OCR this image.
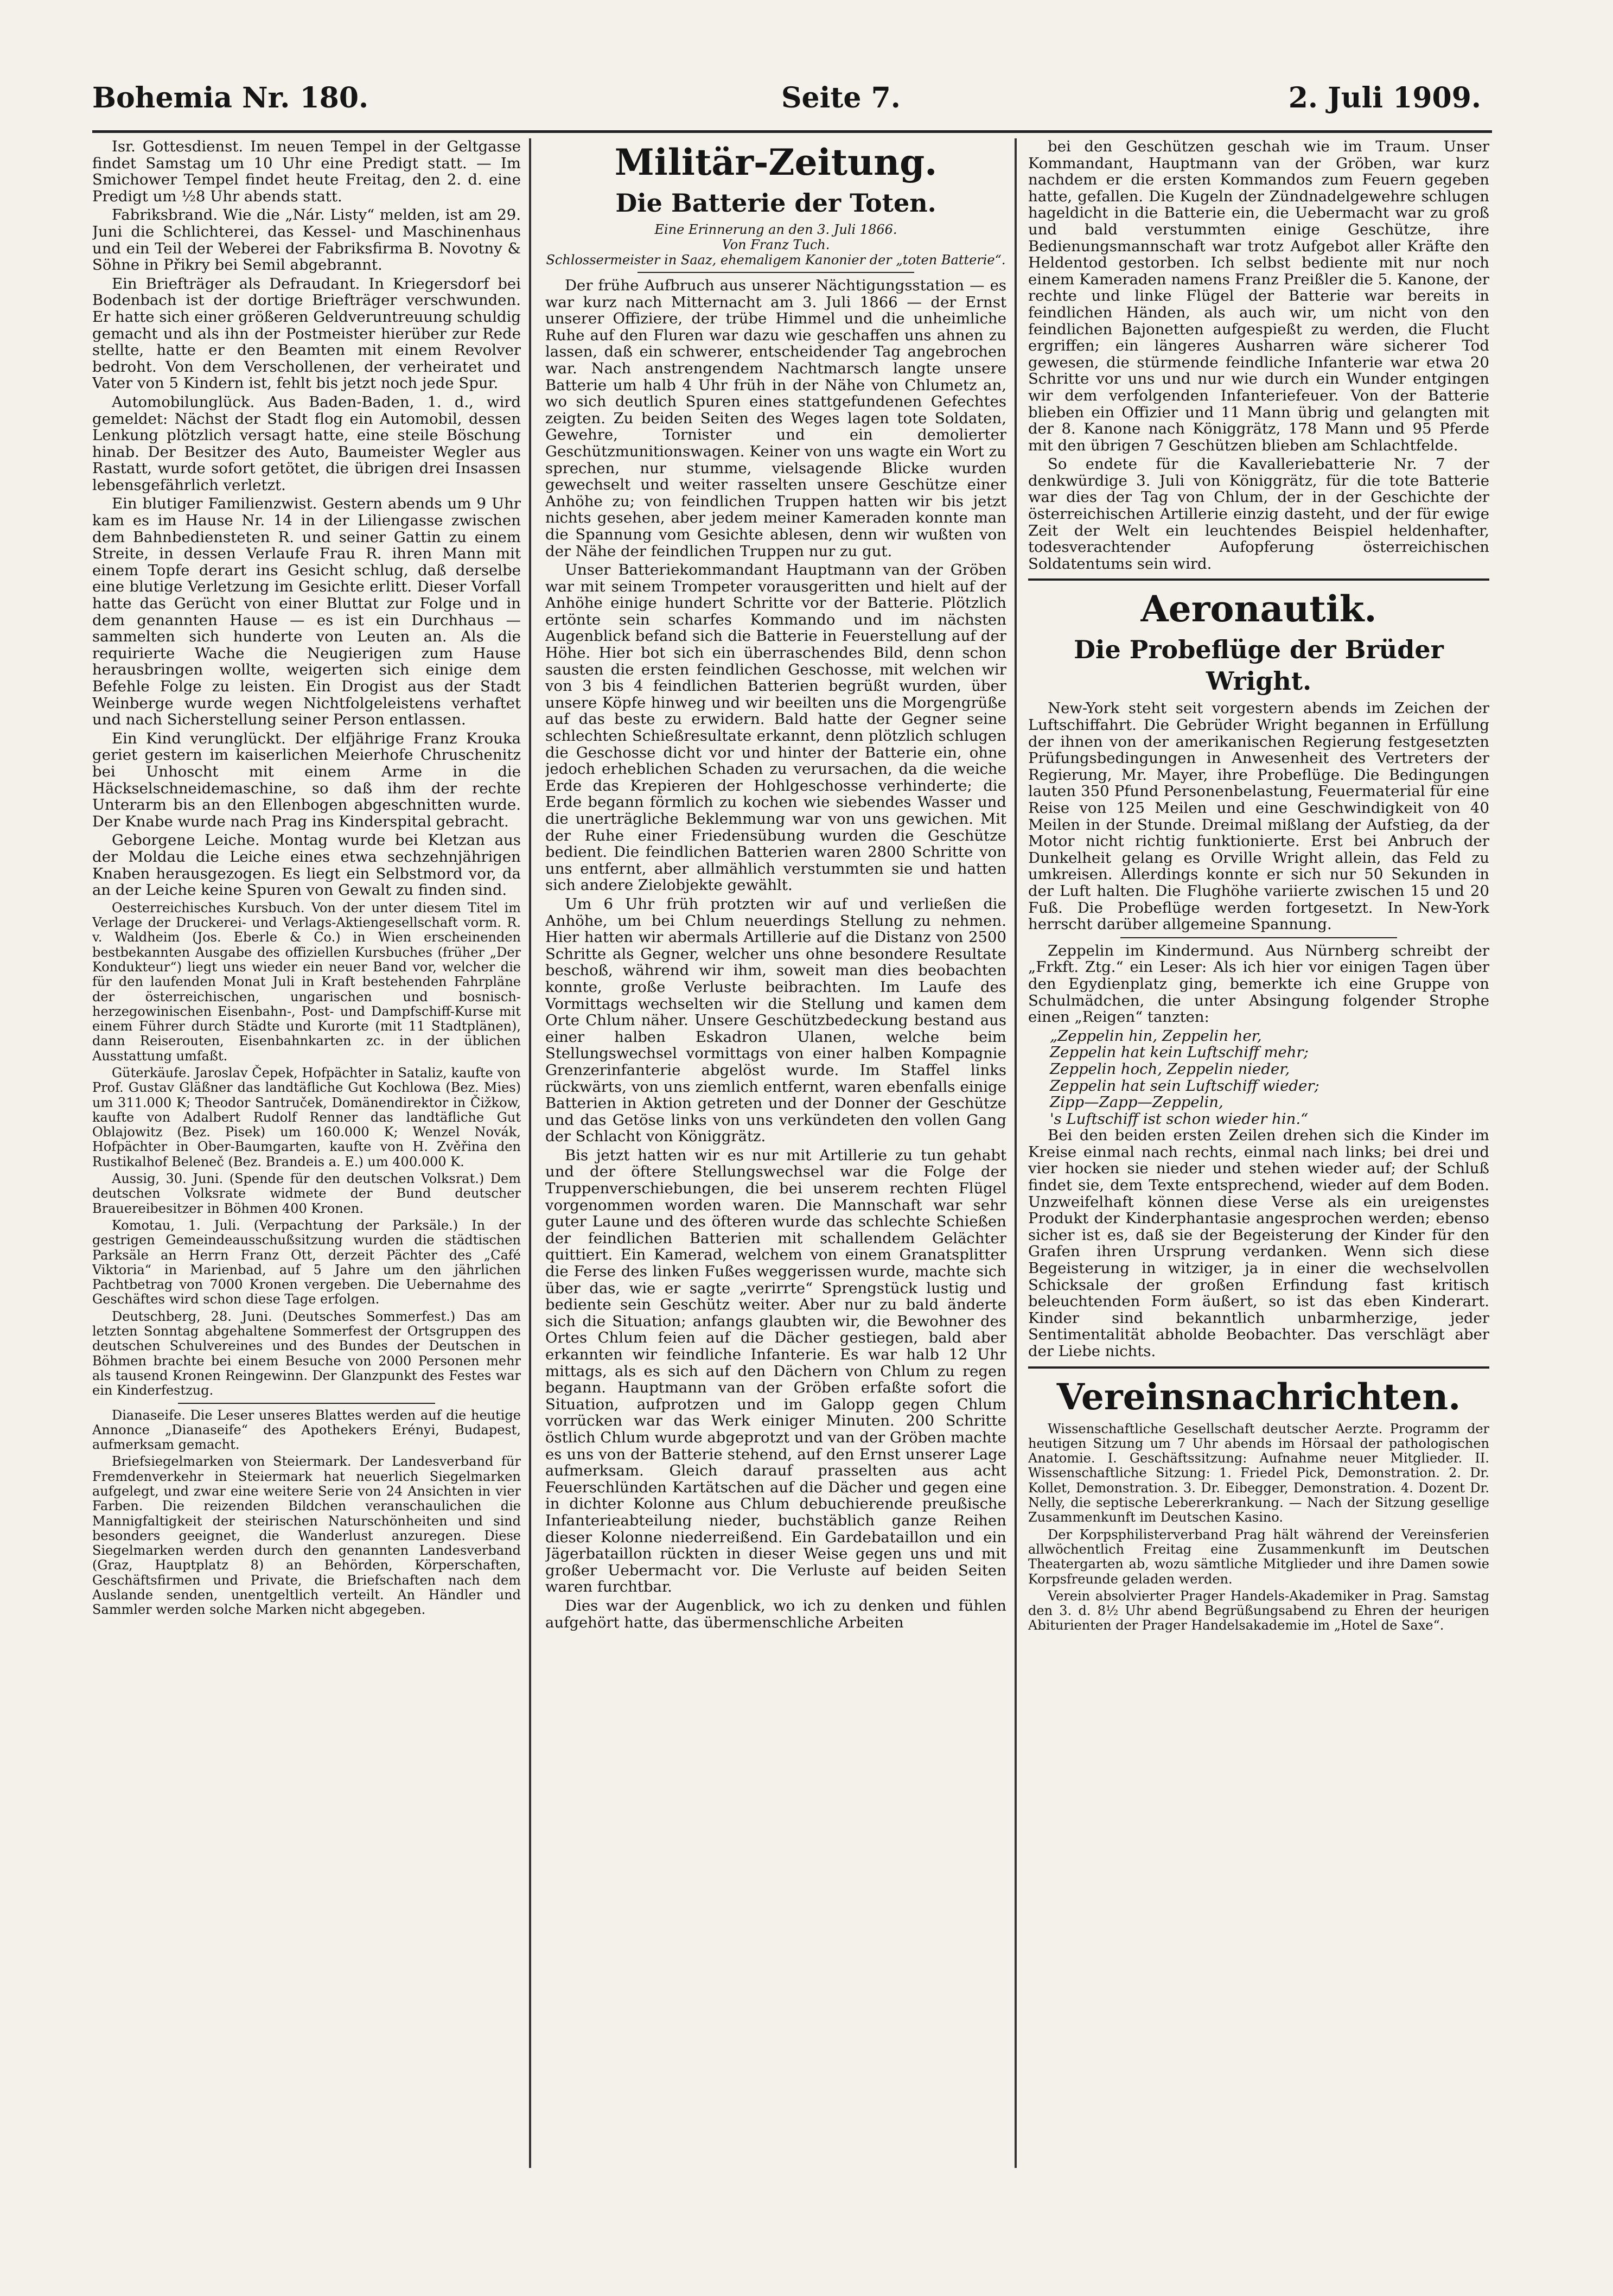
Bohemia Nr. 180.	Seite 7.	2. Juli 1909.

Isr. Gottesdienst. Im neuen Tempel in der Geltgasse findet Samstag um 10 Uhr eine Predigt statt. — Im Smichower Tempel findet heute Freitag, den 2. d. eine Predigt um ½8 Uhr abends statt.

Fabriksbrand. Wie die „Nár. Listy“ melden, ist am 29. Juni die Schlichterei, das Kessel- und Maschinenhaus und ein Teil der Weberei der Fabriksfirma B. Novotny & Söhne in Přikry bei Semil abgebrannt.

Ein Briefträger als Defraudant. In Kriegersdorf bei Bodenbach ist der dortige Briefträger verschwunden. Er hatte sich einer größeren Geldveruntreuung schuldig gemacht und als ihn der Postmeister hierüber zur Rede stellte, hatte er den Beamten mit einem Revolver bedroht. Von dem Verschollenen, der verheiratet und Vater von 5 Kindern ist, fehlt bis jetzt noch jede Spur.

Automobilunglück. Aus Baden-Baden, 1. d., wird gemeldet: Nächst der Stadt flog ein Automobil, dessen Lenkung plötzlich versagt hatte, eine steile Böschung hinab. Der Besitzer des Auto, Baumeister Wegler aus Rastatt, wurde sofort getötet, die übrigen drei Insassen lebensgefährlich verletzt.

Ein blutiger Familienzwist. Gestern abends um 9 Uhr kam es im Hause Nr. 14 in der Liliengasse zwischen dem Bahnbediensteten R. und seiner Gattin zu einem Streite, in dessen Verlaufe Frau R. ihren Mann mit einem Topfe derart ins Gesicht schlug, daß derselbe eine blutige Verletzung im Gesichte erlitt. Dieser Vorfall hatte das Gerücht von einer Bluttat zur Folge und in dem genannten Hause — es ist ein Durchhaus — sammelten sich hunderte von Leuten an. Als die requirierte Wache die Neugierigen zum Hause herausbringen wollte, weigerten sich einige dem Befehle Folge zu leisten. Ein Drogist aus der Stadt Weinberge wurde wegen Nichtfolgeleistens verhaftet und nach Sicherstellung seiner Person entlassen.

Ein Kind verunglückt. Der elfjährige Franz Krouka geriet gestern im kaiserlichen Meierhofe Chruschenitz bei Unhoscht mit einem Arme in die Häckselschneidemaschine, so daß ihm der rechte Unterarm bis an den Ellenbogen abgeschnitten wurde. Der Knabe wurde nach Prag ins Kinderspital gebracht.

Geborgene Leiche. Montag wurde bei Kletzan aus der Moldau die Leiche eines etwa sechzehnjährigen Knaben herausgezogen. Es liegt ein Selbstmord vor, da an der Leiche keine Spuren von Gewalt zu finden sind.

Oesterreichisches Kursbuch. Von der unter diesem Titel im Verlage der Druckerei- und Verlags-Aktiengesellschaft vorm. R. v. Waldheim (Jos. Eberle & Co.) in Wien erscheinenden bestbekannten Ausgabe des offiziellen Kursbuches (früher „Der Kondukteur“) liegt uns wieder ein neuer Band vor, welcher die für den laufenden Monat Juli in Kraft bestehenden Fahrpläne der österreichischen, ungarischen und bosnisch-herzegowinischen Eisenbahn-, Post- und Dampfschiff-Kurse mit einem Führer durch Städte und Kurorte (mit 11 Stadtplänen), dann Reiserouten, Eisenbahnkarten zc. in der üblichen Ausstattung umfaßt.

Güterkäufe. Jaroslav Čepek, Hofpächter in Sataliz, kaufte von Prof. Gustav Gläßner das landtäfliche Gut Kochlowa (Bez. Mies) um 311.000 K; Theodor Santruček, Domänendirektor in Čižkow, kaufte von Adalbert Rudolf Renner das landtäfliche Gut Oblajowitz (Bez. Pisek) um 160.000 K; Wenzel Novák, Hofpächter in Ober-Baumgarten, kaufte von H. Zvěřina den Rustikalhof Beleneč (Bez. Brandeis a. E.) um 400.000 K.

Aussig, 30. Juni. (Spende für den deutschen Volksrat.) Dem deutschen Volksrate widmete der Bund deutscher Brauereibesitzer in Böhmen 400 Kronen.

Komotau, 1. Juli. (Verpachtung der Parksäle.) In der gestrigen Gemeindeausschußsitzung wurden die städtischen Parksäle an Herrn Franz Ott, derzeit Pächter des „Café Viktoria“ in Marienbad, auf 5 Jahre um den jährlichen Pachtbetrag von 7000 Kronen vergeben. Die Uebernahme des Geschäftes wird schon diese Tage erfolgen.

Deutschberg, 28. Juni. (Deutsches Sommerfest.) Das am letzten Sonntag abgehaltene Sommerfest der Ortsgruppen des deutschen Schulvereines und des Bundes der Deutschen in Böhmen brachte bei einem Besuche von 2000 Personen mehr als tausend Kronen Reingewinn. Der Glanzpunkt des Festes war ein Kinderfestzug.

Dianaseife. Die Leser unseres Blattes werden auf die heutige Annonce „Dianaseife“ des Apothekers Erényi, Budapest, aufmerksam gemacht.

Briefsiegelmarken von Steiermark. Der Landesverband für Fremdenverkehr in Steiermark hat neuerlich Siegelmarken aufgelegt, und zwar eine weitere Serie von 24 Ansichten in vier Farben. Die reizenden Bildchen veranschaulichen die Mannigfaltigkeit der steirischen Naturschönheiten und sind besonders geeignet, die Wanderlust anzuregen. Diese Siegelmarken werden durch den genannten Landesverband (Graz, Hauptplatz 8) an Behörden, Körperschaften, Geschäftsfirmen und Private, die Briefschaften nach dem Auslande senden, unentgeltlich verteilt. An Händler und Sammler werden solche Marken nicht abgegeben.

Militär-Zeitung.
Die Batterie der Toten.

Eine Erinnerung an den 3. Juli 1866.

Von Franz Tuch.

Schlossermeister in Saaz, ehemaligem Kanonier der „toten Batterie“.

Der frühe Aufbruch aus unserer Nächtigungsstation — es war kurz nach Mitternacht am 3. Juli 1866 — der Ernst unserer Offiziere, der trübe Himmel und die unheimliche Ruhe auf den Fluren war dazu wie geschaffen uns ahnen zu lassen, daß ein schwerer, entscheidender Tag angebrochen war. Nach anstrengendem Nachtmarsch langte unsere Batterie um halb 4 Uhr früh in der Nähe von Chlumetz an, wo sich deutlich Spuren eines stattgefundenen Gefechtes zeigten. Zu beiden Seiten des Weges lagen tote Soldaten, Gewehre, Tornister und ein demolierter Geschützmunitionswagen. Keiner von uns wagte ein Wort zu sprechen, nur stumme, vielsagende Blicke wurden gewechselt und weiter rasselten unsere Geschütze einer Anhöhe zu; von feindlichen Truppen hatten wir bis jetzt nichts gesehen, aber jedem meiner Kameraden konnte man die Spannung vom Gesichte ablesen, denn wir wußten von der Nähe der feindlichen Truppen nur zu gut.

Unser Batteriekommandant Hauptmann van der Gröben war mit seinem Trompeter vorausgeritten und hielt auf der Anhöhe einige hundert Schritte vor der Batterie. Plötzlich ertönte sein scharfes Kommando und im nächsten Augenblick befand sich die Batterie in Feuerstellung auf der Höhe. Hier bot sich ein überraschendes Bild, denn schon sausten die ersten feindlichen Geschosse, mit welchen wir von 3 bis 4 feindlichen Batterien begrüßt wurden, über unsere Köpfe hinweg und wir beeilten uns die Morgengrüße auf das beste zu erwidern. Bald hatte der Gegner seine schlechten Schießresultate erkannt, denn plötzlich schlugen die Geschosse dicht vor und hinter der Batterie ein, ohne jedoch erheblichen Schaden zu verursachen, da die weiche Erde das Krepieren der Hohlgeschosse verhinderte; die Erde begann förmlich zu kochen wie siebendes Wasser und die unerträgliche Beklemmung war von uns gewichen. Mit der Ruhe einer Friedensübung wurden die Geschütze bedient. Die feindlichen Batterien waren 2800 Schritte von uns entfernt, aber allmählich verstummten sie und hatten sich andere Zielobjekte gewählt.

Um 6 Uhr früh protzten wir auf und verließen die Anhöhe, um bei Chlum neuerdings Stellung zu nehmen. Hier hatten wir abermals Artillerie auf die Distanz von 2500 Schritte als Gegner, welcher uns ohne besondere Resultate beschoß, während wir ihm, soweit man dies beobachten konnte, große Verluste beibrachten. Im Laufe des Vormittags wechselten wir die Stellung und kamen dem Orte Chlum näher. Unsere Geschützbedeckung bestand aus einer halben Eskadron Ulanen, welche beim Stellungswechsel vormittags von einer halben Kompagnie Grenzerinfanterie abgelöst wurde. Im Staffel links rückwärts, von uns ziemlich entfernt, waren ebenfalls einige Batterien in Aktion getreten und der Donner der Geschütze und das Getöse links von uns verkündeten den vollen Gang der Schlacht von Königgrätz.

Bis jetzt hatten wir es nur mit Artillerie zu tun gehabt und der öftere Stellungswechsel war die Folge der Truppenverschiebungen, die bei unserem rechten Flügel vorgenommen worden waren. Die Mannschaft war sehr guter Laune und des öfteren wurde das schlechte Schießen der feindlichen Batterien mit schallendem Gelächter quittiert. Ein Kamerad, welchem von einem Granatsplitter die Ferse des linken Fußes weggerissen wurde, machte sich über das, wie er sagte „verirrte“ Sprengstück lustig und bediente sein Geschütz weiter. Aber nur zu bald änderte sich die Situation; anfangs glaubten wir, die Bewohner des Ortes Chlum feien auf die Dächer gestiegen, bald aber erkannten wir feindliche Infanterie. Es war halb 12 Uhr mittags, als es sich auf den Dächern von Chlum zu regen begann. Hauptmann van der Gröben erfaßte sofort die Situation, aufprotzen und im Galopp gegen Chlum vorrücken war das Werk einiger Minuten. 200 Schritte östlich Chlum wurde abgeprotzt und van der Gröben machte es uns von der Batterie stehend, auf den Ernst unserer Lage aufmerksam. Gleich darauf prasselten aus acht Feuerschlünden Kartätschen auf die Dächer und gegen eine in dichter Kolonne aus Chlum debuchierende preußische Infanterieabteilung nieder, buchstäblich ganze Reihen dieser Kolonne niederreißend. Ein Gardebataillon und ein Jägerbataillon rückten in dieser Weise gegen uns und mit großer Uebermacht vor. Die Verluste auf beiden Seiten waren furchtbar.

Dies war der Augenblick, wo ich zu denken und fühlen aufgehört hatte, das übermenschliche Arbeiten

bei den Geschützen geschah wie im Traum. Unser Kommandant, Hauptmann van der Gröben, war kurz nachdem er die ersten Kommandos zum Feuern gegeben hatte, gefallen. Die Kugeln der Zündnadelgewehre schlugen hageldicht in die Batterie ein, die Uebermacht war zu groß und bald verstummten einige Geschütze, ihre Bedienungsmannschaft war trotz Aufgebot aller Kräfte den Heldentod gestorben. Ich selbst bediente mit nur noch einem Kameraden namens Franz Preißler die 5. Kanone, der rechte und linke Flügel der Batterie war bereits in feindlichen Händen, als auch wir, um nicht von den feindlichen Bajonetten aufgespießt zu werden, die Flucht ergriffen; ein längeres Ausharren wäre sicherer Tod gewesen, die stürmende feindliche Infanterie war etwa 20 Schritte vor uns und nur wie durch ein Wunder entgingen wir dem verfolgenden Infanteriefeuer. Von der Batterie blieben ein Offizier und 11 Mann übrig und gelangten mit der 8. Kanone nach Königgrätz, 178 Mann und 95 Pferde mit den übrigen 7 Geschützen blieben am Schlachtfelde.

So endete für die Kavalleriebatterie Nr. 7 der denkwürdige 3. Juli von Königgrätz, für die tote Batterie war dies der Tag von Chlum, der in der Geschichte der österreichischen Artillerie einzig dasteht, und der für ewige Zeit der Welt ein leuchtendes Beispiel heldenhafter, todesverachtender Aufopferung österreichischen Soldatentums sein wird.

Aeronautik.
Die Probeflüge der Brüder Wright.

New-York steht seit vorgestern abends im Zeichen der Luftschiffahrt. Die Gebrüder Wright begannen in Erfüllung der ihnen von der amerikanischen Regierung festgesetzten Prüfungsbedingungen in Anwesenheit des Vertreters der Regierung, Mr. Mayer, ihre Probeflüge. Die Bedingungen lauten 350 Pfund Personenbelastung, Feuermaterial für eine Reise von 125 Meilen und eine Geschwindigkeit von 40 Meilen in der Stunde. Dreimal mißlang der Aufstieg, da der Motor nicht richtig funktionierte. Erst bei Anbruch der Dunkelheit gelang es Orville Wright allein, das Feld zu umkreisen. Allerdings konnte er sich nur 50 Sekunden in der Luft halten. Die Flughöhe variierte zwischen 15 und 20 Fuß. Die Probeflüge werden fortgesetzt. In New-York herrscht darüber allgemeine Spannung.

Zeppelin im Kindermund. Aus Nürnberg schreibt der „Frkft. Ztg.“ ein Leser: Als ich hier vor einigen Tagen über den Egydienplatz ging, bemerkte ich eine Gruppe von Schulmädchen, die unter Absingung folgender Strophe einen „Reigen“ tanzten:

„Zeppelin hin, Zeppelin her,

Zeppelin hat kein Luftschiff mehr;

Zeppelin hoch, Zeppelin nieder,

Zeppelin hat sein Luftschiff wieder;

Zipp—Zapp—Zeppelin,

's Luftschiff ist schon wieder hin.“

Bei den beiden ersten Zeilen drehen sich die Kinder im Kreise einmal nach rechts, einmal nach links; bei drei und vier hocken sie nieder und stehen wieder auf; der Schluß findet sie, dem Texte entsprechend, wieder auf dem Boden. Unzweifelhaft können diese Verse als ein ureigenstes Produkt der Kinderphantasie angesprochen werden; ebenso sicher ist es, daß sie der Begeisterung der Kinder für den Grafen ihren Ursprung verdanken. Wenn sich diese Begeisterung in witziger, ja in einer die wechselvollen Schicksale der großen Erfindung fast kritisch beleuchtenden Form äußert, so ist das eben Kinderart. Kinder sind bekanntlich unbarmherzige, jeder Sentimentalität abholde Beobachter. Das verschlägt aber der Liebe nichts.

Vereinsnachrichten.

Wissenschaftliche Gesellschaft deutscher Aerzte. Programm der heutigen Sitzung um 7 Uhr abends im Hörsaal der pathologischen Anatomie. I. Geschäftssitzung: Aufnahme neuer Mitglieder. II. Wissenschaftliche Sitzung: 1. Friedel Pick, Demonstration. 2. Dr. Kollet, Demonstration. 3. Dr. Eibegger, Demonstration. 4. Dozent Dr. Nelly, die septische Lebererkrankung. — Nach der Sitzung gesellige Zusammenkunft im Deutschen Kasino.

Der Korpsphilisterverband Prag hält während der Vereinsferien allwöchentlich Freitag eine Zusammenkunft im Deutschen Theatergarten ab, wozu sämtliche Mitglieder und ihre Damen sowie Korpsfreunde geladen werden.

Verein absolvierter Prager Handels-Akademiker in Prag. Samstag den 3. d. 8½ Uhr abend Begrüßungsabend zu Ehren der heurigen Abiturienten der Prager Handelsakademie im „Hotel de Saxe“.
